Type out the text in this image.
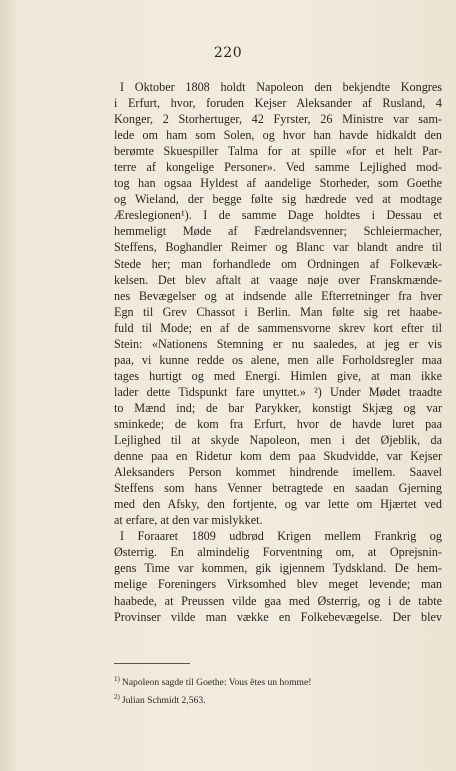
220
I Oktober 1808 holdt Napoleon den bekjendte Kongres
i Erfurt, hvor, foruden Kejser Aleksander af Rusland, 4
Konger, 2 Storhertuger, 42 Fyrster, 26 Ministre var sam-
lede om ham som Solen, og hvor han havde hidkaldt den
berømte Skuespiller Talma for at spille «for et helt Par-
terre af kongelige Personer». Ved samme Lejlighed mod-
tog han ogsaa Hyldest af aandelige Storheder, som Goethe
og Wieland, der begge følte sig hædrede ved at modtage
Æreslegionen¹). I de samme Dage holdtes i Dessau et
hemmeligt Møde af Fædrelandsvenner; Schleiermacher,
Steffens, Boghandler Reimer og Blanc var blandt andre til
Stede her; man forhandlede om Ordningen af Folkevæk-
kelsen. Det blev aftalt at vaage nøje over Franskmænde-
nes Bevægelser og at indsende alle Efterretninger fra hver
Egn til Grev Chassot i Berlin. Man følte sig ret haabe-
fuld til Mode; en af de sammensvorne skrev kort efter til
Stein: «Nationens Stemning er nu saaledes, at jeg er vis
paa, vi kunne redde os alene, men alle Forholdsregler maa
tages hurtigt og med Energi. Himlen give, at man ikke
lader dette Tidspunkt fare unyttet.» ²) Under Mødet traadte
to Mænd ind; de bar Parykker, konstigt Skjæg og var
sminkede; de kom fra Erfurt, hvor de havde luret paa
Lejlighed til at skyde Napoleon, men i det Øjeblik, da
denne paa en Ridetur kom dem paa Skudvidde, var Kejser
Aleksanders Person kommet hindrende imellem. Saavel
Steffens som hans Venner betragtede en saadan Gjerning
med den Afsky, den fortjente, og var lette om Hjærtet ved
at erfare, at den var mislykket.
I Foraaret 1809 udbrød Krigen mellem Frankrig og
Østerrig. En almindelig Forventning om, at Oprejsnin-
gens Time var kommen, gik igjennem Tydskland. De hem-
melige Foreningers Virksomhed blev meget levende; man
haabede, at Preussen vilde gaa med Østerrig, og i de tabte
Provinser vilde man vække en Folkebevægelse. Der blev
$^{1)}$ Napoleon sagde til Goethe: Vous êtes un homme!
$^{2)}$ Julian Schmidt 2,563.
